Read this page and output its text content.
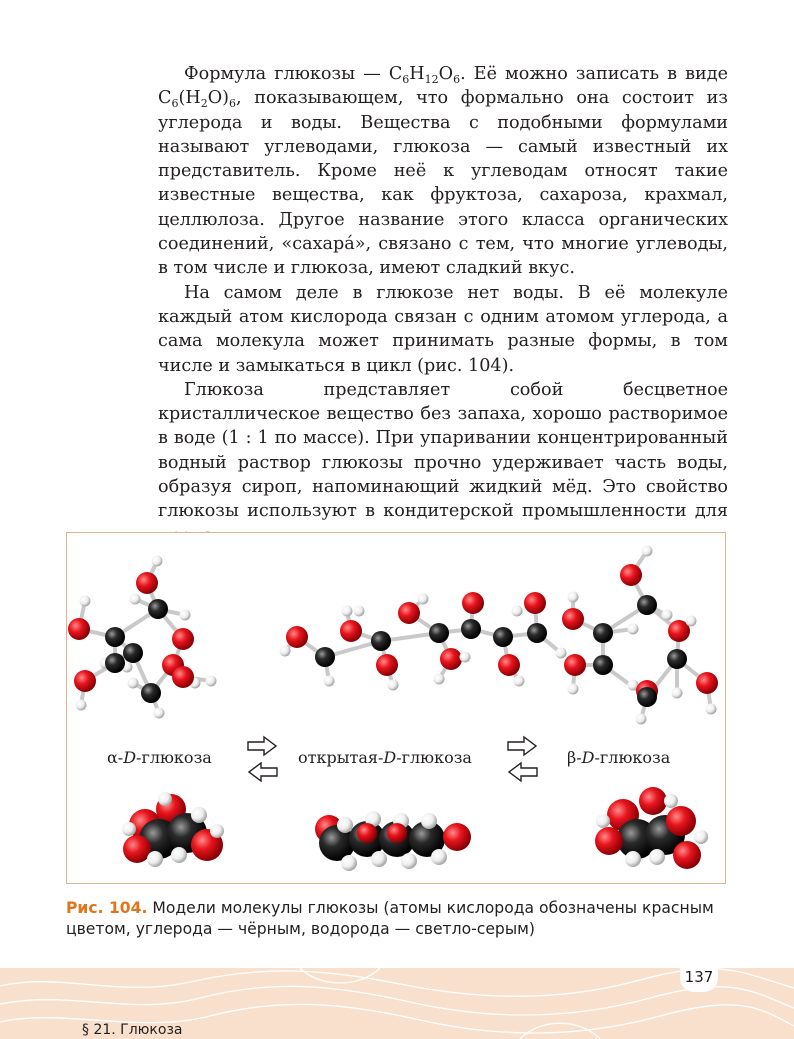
Формула глюкозы — $C_6H_{12}O_6$. Её можно записать в виде $C_6(H_2O)_6$, показывающем, что формально она состоит из углерода и воды. Вещества с подобными формулами называют углеводами, глюкоза — самый известный их представитель. Кроме неё к углеводам относят такие известные вещества, как фруктоза, сахароза, крахмал, целлюлоза. Другое название этого класса органических соединений, «сахара́», связано с тем, что многие углеводы, в том числе и глюкоза, имеют сладкий вкус.

На самом деле в глюкозе нет воды. В её молекуле каждый атом кислорода связан с одним атомом углерода, а сама молекула может принимать разные формы, в том числе и замыкаться в цикл (рис. 104).

Глюкоза представляет собой бесцветное кристаллическое вещество без запаха, хорошо растворимое в воде (1 : 1 по массе). При упаривании концентрированный водный раствор глюкозы прочно удерживает часть воды, образуя сироп, напоминающий жидкий мёд. Это свойство глюкозы используют в кондитерской промышленности для

α-D-глюкоза	открытая-D-глюкоза	β-D-глюкоза
Рис. 104. Модели молекулы глюкозы (атомы кислорода обозначены красным цветом, углерода — чёрным, водорода — светло-серым)
137
§ 21. Глюкоза
